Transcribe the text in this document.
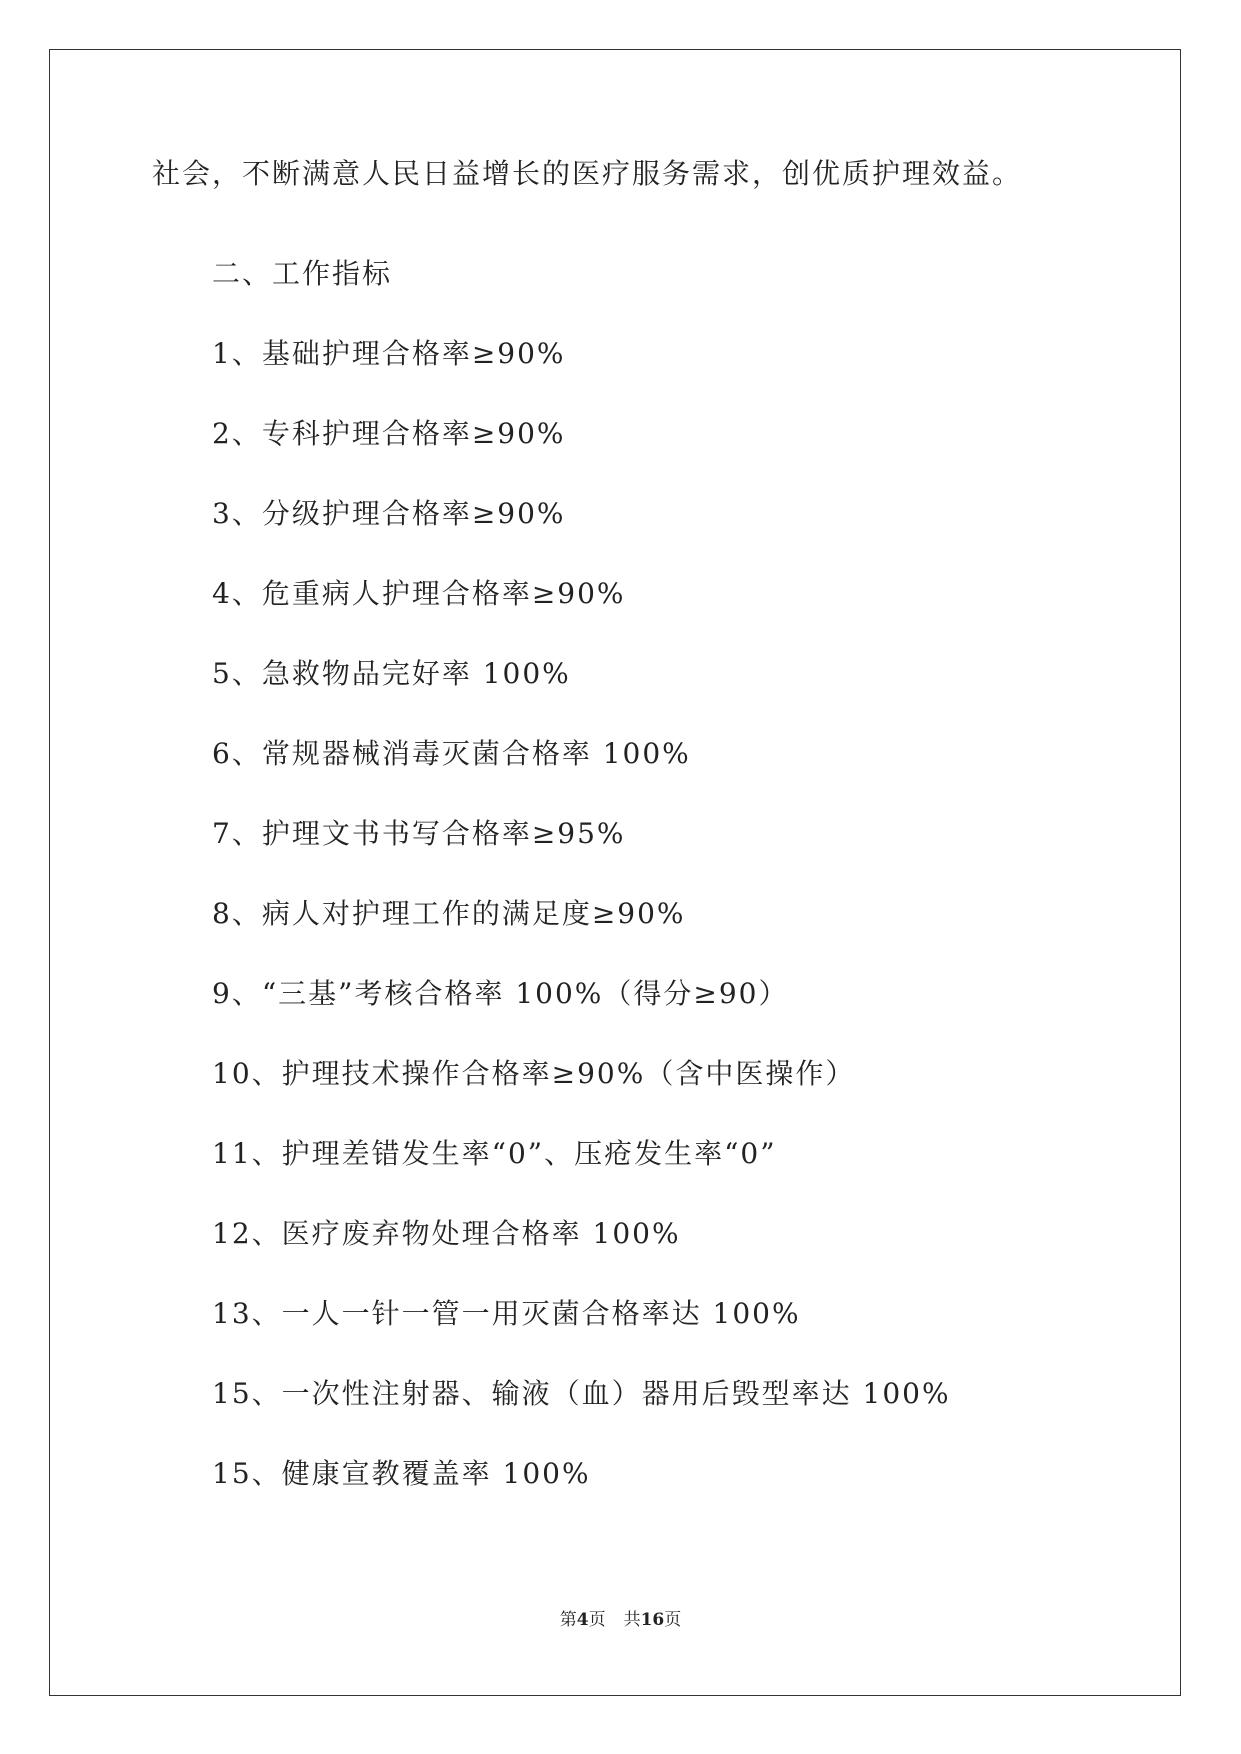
社会，不断满意人民日益增长的医疗服务需求，创优质护理效益。
二、工作指标
1、基础护理合格率≥90%
2、专科护理合格率≥90%
3、分级护理合格率≥90%
4、危重病人护理合格率≥90%
5、急救物品完好率 100%
6、常规器械消毒灭菌合格率 100%
7、护理文书书写合格率≥95%
8、病人对护理工作的满足度≥90%
9、“三基”考核合格率 100%（得分≥90）
10、护理技术操作合格率≥90%（含中医操作）
11、护理差错发生率“0”、压疮发生率“0”
12、医疗废弃物处理合格率 100%
13、一人一针一管一用灭菌合格率达 100%
15、一次性注射器、输液（血）器用后毁型率达 100%
15、健康宣教覆盖率 100%
第4页 共16页
